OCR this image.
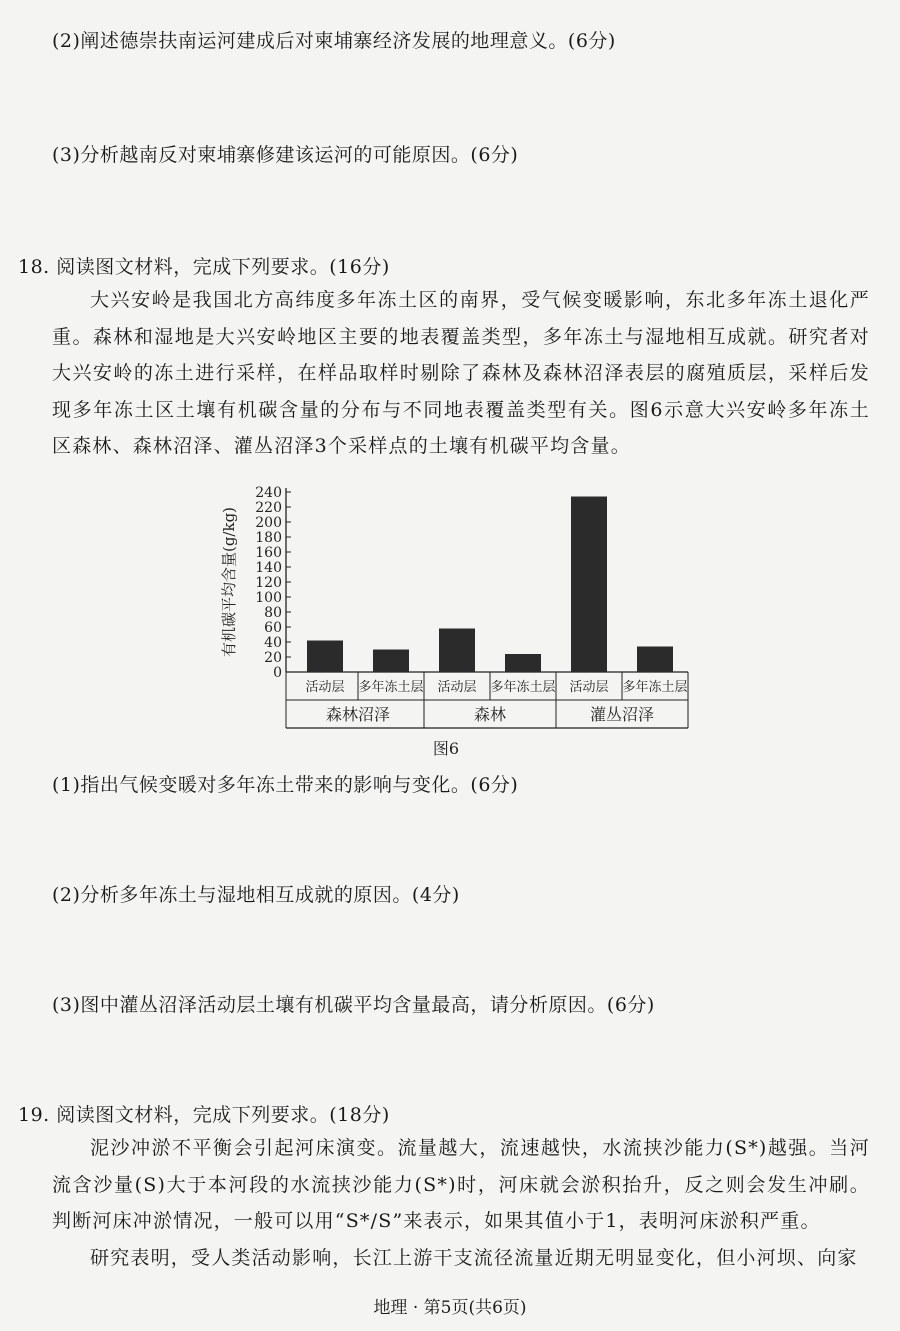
(2)阐述德崇扶南运河建成后对柬埔寨经济发展的地理意义。(6分)
(3)分析越南反对柬埔寨修建该运河的可能原因。(6分)
18. 阅读图文材料，完成下列要求。(16分)

大兴安岭是我国北方高纬度多年冻土区的南界，受气候变暖影响，东北多年冻土退化严重。森林和湿地是大兴安岭地区主要的地表覆盖类型，多年冻土与湿地相互成就。研究者对大兴安岭的冻土进行采样，在样品取样时剔除了森林及森林沼泽表层的腐殖质层，采样后发现多年冻土区土壤有机碳含量的分布与不同地表覆盖类型有关。图6示意大兴安岭多年冻土区森林、森林沼泽、灌丛沼泽3个采样点的土壤有机碳平均含量。

有机碳平均含量(g/kg)
0
20
40
60
80
100
120
140
160
180
200
220
240
森林沼泽
活动层 多年冻土层
森林
活动层 多年冻土层
灌丛沼泽
活动层 多年冻土层
图6
(1)指出气候变暖对多年冻土带来的影响与变化。(6分)
(2)分析多年冻土与湿地相互成就的原因。(4分)
(3)图中灌丛沼泽活动层土壤有机碳平均含量最高，请分析原因。(6分)
19. 阅读图文材料，完成下列要求。(18分)

泥沙冲淤不平衡会引起河床演变。流量越大，流速越快，水流挟沙能力(S*)越强。当河流含沙量(S)大于本河段的水流挟沙能力(S*)时，河床就会淤积抬升，反之则会发生冲刷。判断河床冲淤情况，一般可以用“S*/S”来表示，如果其值小于1，表明河床淤积严重。

研究表明，受人类活动影响，长江上游干支流径流量近期无明显变化，但小河坝、向家

地理 · 第5页(共6页)
